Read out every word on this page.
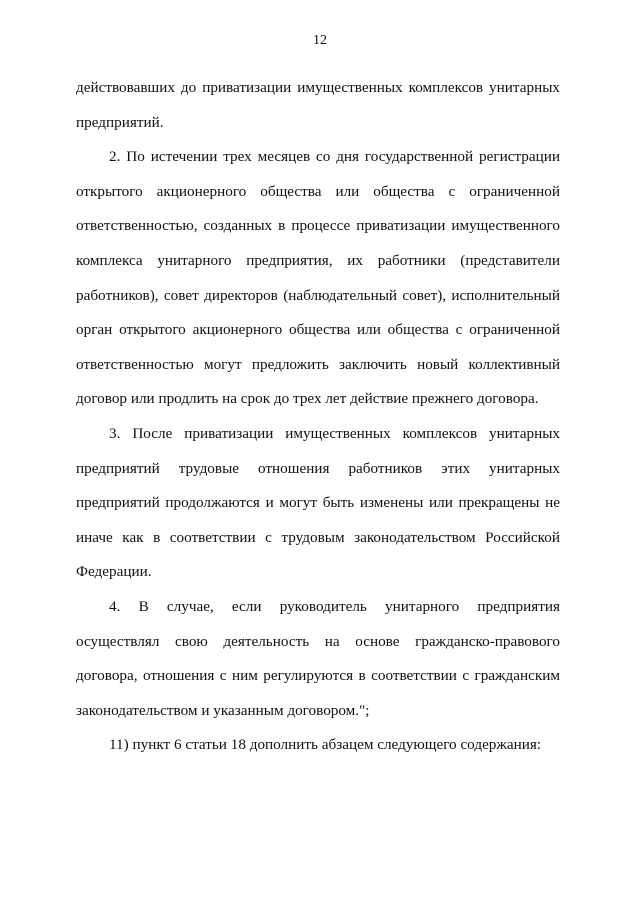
12

действовавших до приватизации имущественных комплексов унитарных предприятий.

2. По истечении трех месяцев со дня государственной регистрации открытого акционерного общества или общества с ограниченной ответственностью, созданных в процессе приватизации имущественного комплекса унитарного предприятия, их работники (представители работников), совет директоров (наблюдательный совет), исполнительный орган открытого акционерного общества или общества с ограниченной ответственностью могут предложить заключить новый коллективный договор или продлить на срок до трех лет действие прежнего договора.

3. После приватизации имущественных комплексов унитарных предприятий трудовые отношения работников этих унитарных предприятий продолжаются и могут быть изменены или прекращены не иначе как в соответствии с трудовым законодательством Российской Федерации.

4. В случае, если руководитель унитарного предприятия осуществлял свою деятельность на основе гражданско-правового договора, отношения с ним регулируются в соответствии с гражданским законодательством и указанным договором.";

11) пункт 6 статьи 18 дополнить абзацем следующего содержания:
